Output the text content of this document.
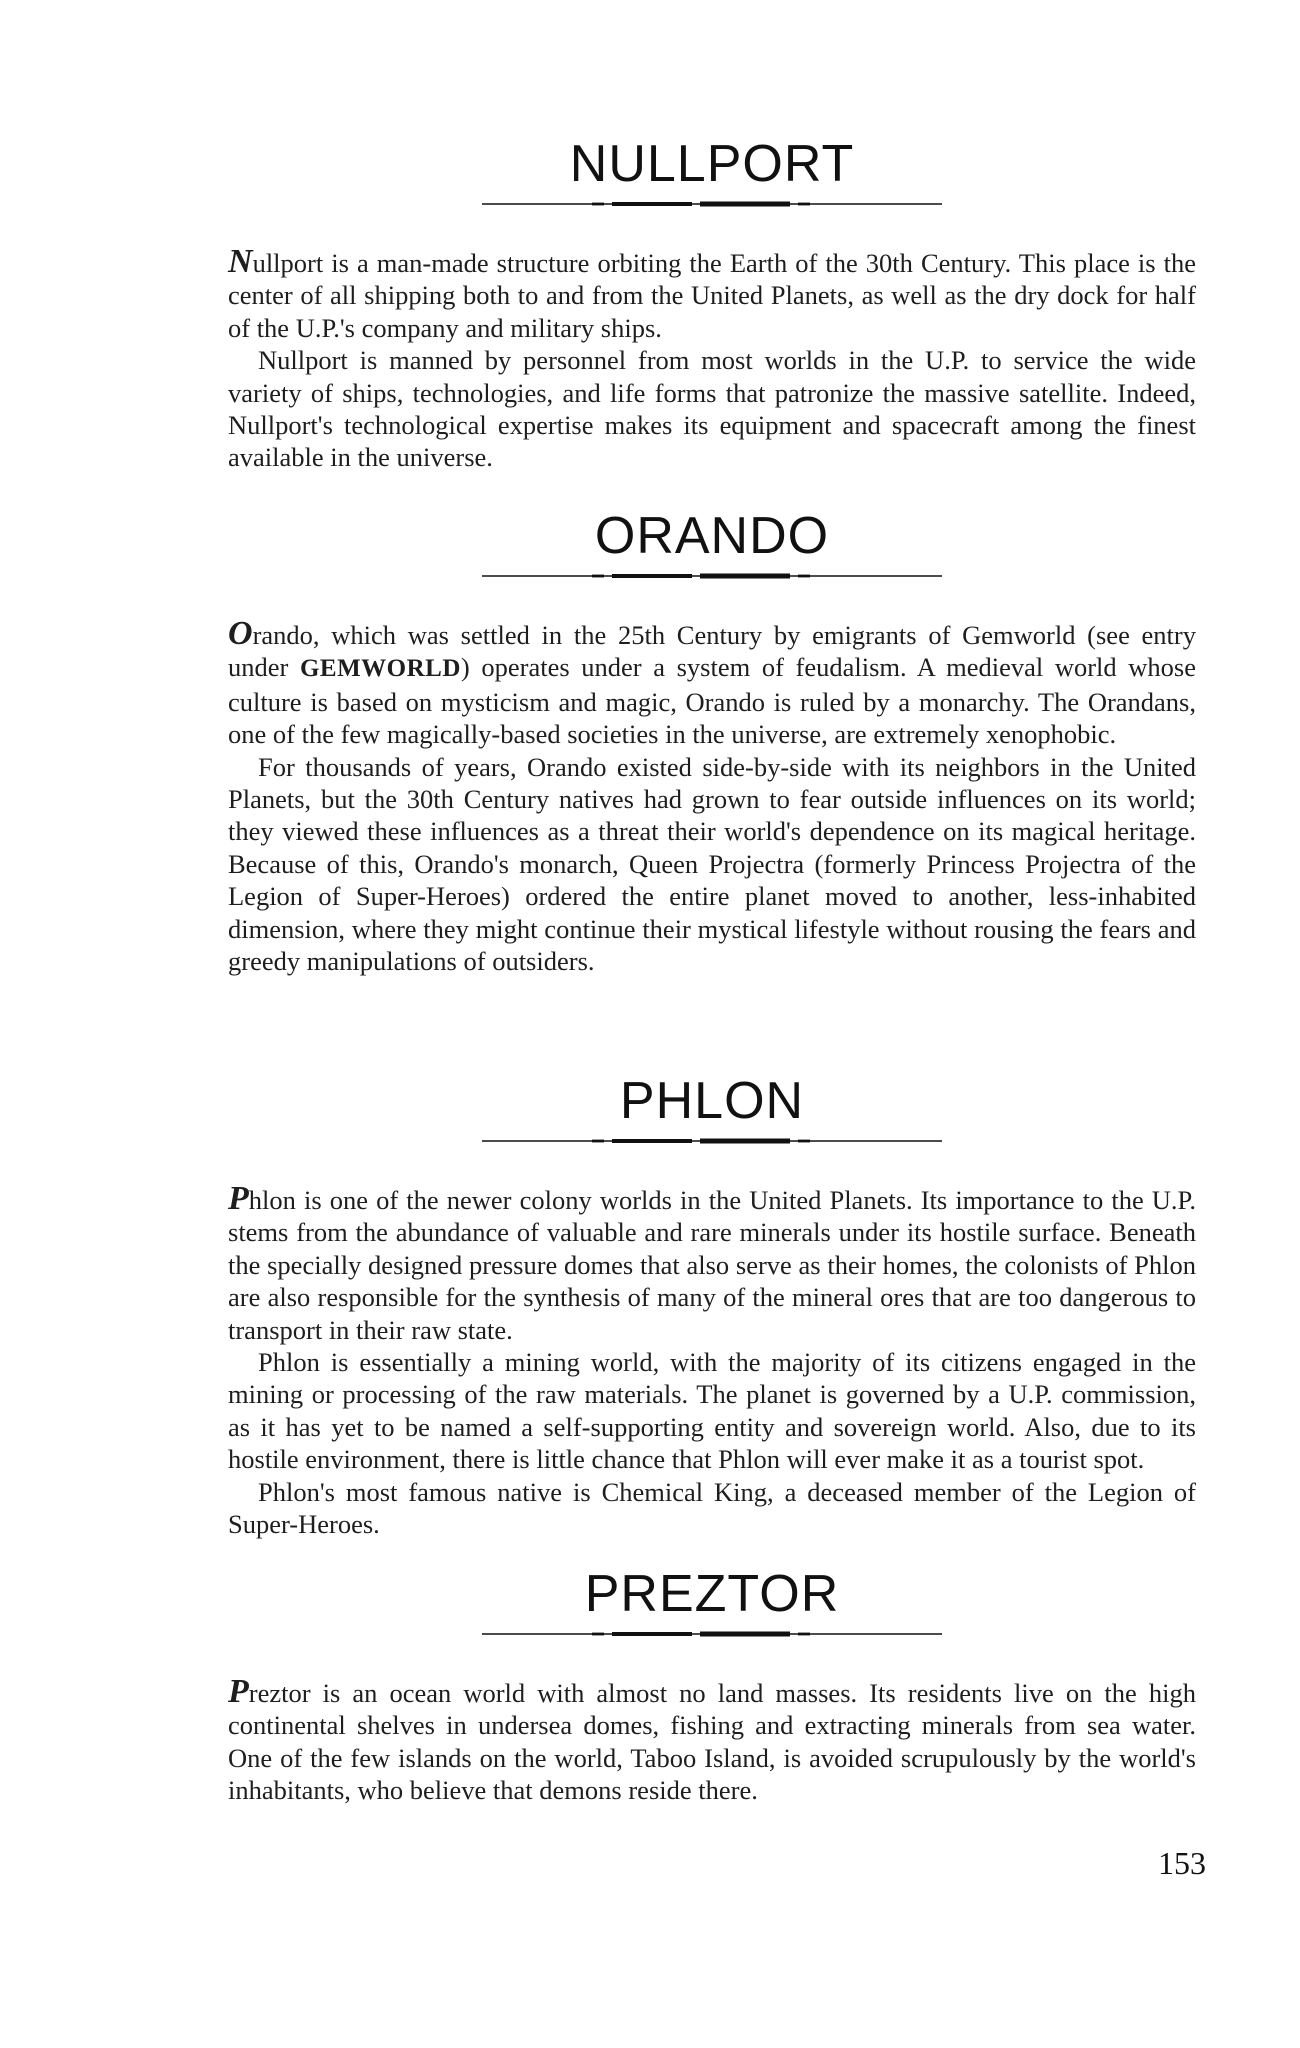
NULLPORT

Nullport is a man-made structure orbiting the Earth of the 30th Century. This place is the center of all shipping both to and from the United Planets, as well as the dry dock for half of the U.P.'s company and military ships.

Nullport is manned by personnel from most worlds in the U.P. to service the wide variety of ships, technologies, and life forms that patronize the massive satellite. Indeed, Nullport's technological expertise makes its equipment and spacecraft among the finest available in the universe.

ORANDO

Orando, which was settled in the 25th Century by emigrants of Gemworld (see entry under GEMWORLD) operates under a system of feudalism. A medieval world whose culture is based on mysticism and magic, Orando is ruled by a monarchy. The Orandans, one of the few magically-based societies in the universe, are extremely xenophobic.

For thousands of years, Orando existed side-by-side with its neighbors in the United Planets, but the 30th Century natives had grown to fear outside influences on its world; they viewed these influences as a threat their world's dependence on its magical heritage. Because of this, Orando's monarch, Queen Projectra (formerly Princess Projectra of the Legion of Super-Heroes) ordered the entire planet moved to another, less-inhabited dimension, where they might continue their mystical lifestyle without rousing the fears and greedy manipulations of outsiders.

PHLON

Phlon is one of the newer colony worlds in the United Planets. Its importance to the U.P. stems from the abundance of valuable and rare minerals under its hostile surface. Beneath the specially designed pressure domes that also serve as their homes, the colonists of Phlon are also responsible for the synthesis of many of the mineral ores that are too dangerous to transport in their raw state.

Phlon is essentially a mining world, with the majority of its citizens engaged in the mining or processing of the raw materials. The planet is governed by a U.P. commission, as it has yet to be named a self-supporting entity and sovereign world. Also, due to its hostile environment, there is little chance that Phlon will ever make it as a tourist spot.

Phlon's most famous native is Chemical King, a deceased member of the Legion of Super-Heroes.

PREZTOR

Preztor is an ocean world with almost no land masses. Its residents live on the high continental shelves in undersea domes, fishing and extracting minerals from sea water. One of the few islands on the world, Taboo Island, is avoided scrupulously by the world's inhabitants, who believe that demons reside there.

153
